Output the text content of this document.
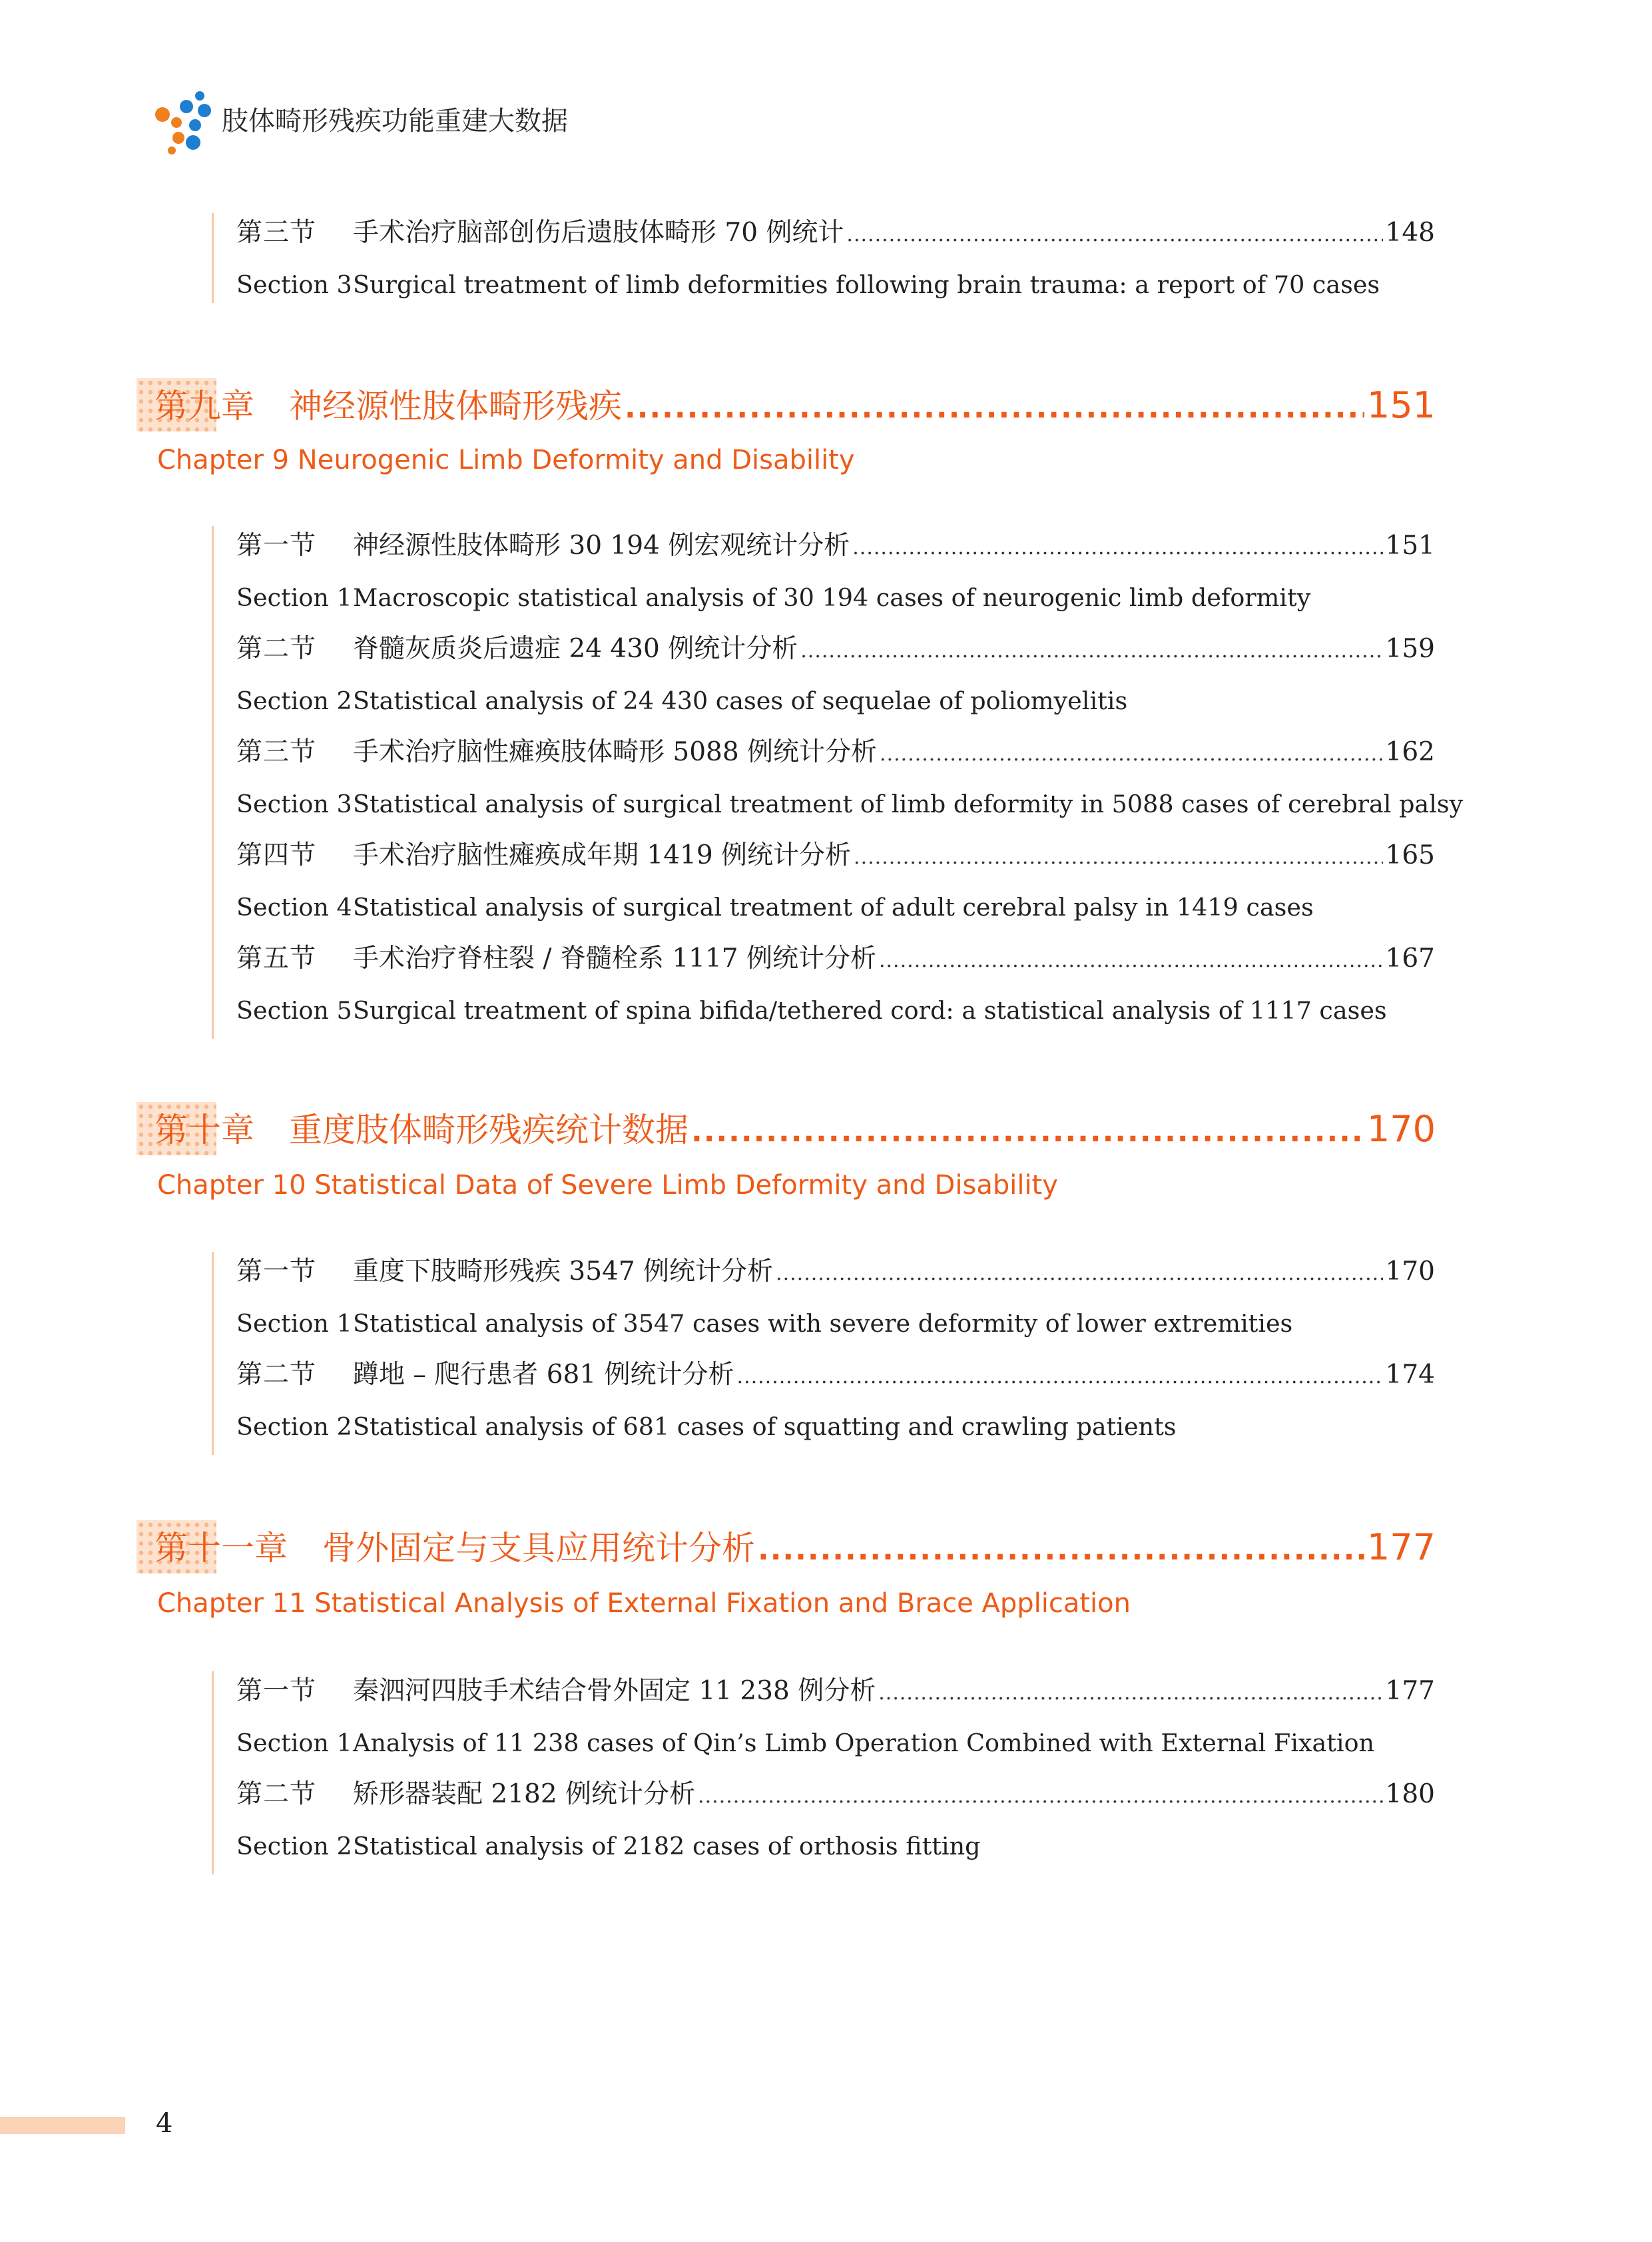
肢体畸形残疾功能重建大数据
第三节	手术治疗脑部创伤后遗肢体畸形 70 例统计 .....	148
Section 3Surgical treatment of limb deformities following brain trauma: a report of 70 cases
第九章 神经源性肢体畸形残疾 .....	151
Chapter 9 Neurogenic Limb Deformity and Disability
第一节	神经源性肢体畸形 30 194 例宏观统计分析 .....	151
Section 1Macroscopic statistical analysis of 30 194 cases of neurogenic limb deformity
第二节	脊髓灰质炎后遗症 24 430 例统计分析 .....	159
Section 2Statistical analysis of 24 430 cases of sequelae of poliomyelitis
第三节	手术治疗脑性瘫痪肢体畸形 5088 例统计分析 .....	162
Section 3Statistical analysis of surgical treatment of limb deformity in 5088 cases of cerebral palsy
第四节	手术治疗脑性瘫痪成年期 1419 例统计分析 .....	165
Section 4Statistical analysis of surgical treatment of adult cerebral palsy in 1419 cases
第五节	手术治疗脊柱裂 / 脊髓栓系 1117 例统计分析 .....	167
Section 5Surgical treatment of spina bifida/tethered cord: a statistical analysis of 1117 cases
第十章 重度肢体畸形残疾统计数据 .....	170
Chapter 10 Statistical Data of Severe Limb Deformity and Disability
第一节	重度下肢畸形残疾 3547 例统计分析 .....	170
Section 1Statistical analysis of 3547 cases with severe deformity of lower extremities
第二节	蹲地 – 爬行患者 681 例统计分析 .....	174
Section 2Statistical analysis of 681 cases of squatting and crawling patients
第十一章 骨外固定与支具应用统计分析 .....	177
Chapter 11 Statistical Analysis of External Fixation and Brace Application
第一节	秦泗河四肢手术结合骨外固定 11 238 例分析 .....	177
Section 1Analysis of 11 238 cases of Qin’s Limb Operation Combined with External Fixation
第二节	矫形器装配 2182 例统计分析 .....	180
Section 2Statistical analysis of 2182 cases of orthosis fitting
4
